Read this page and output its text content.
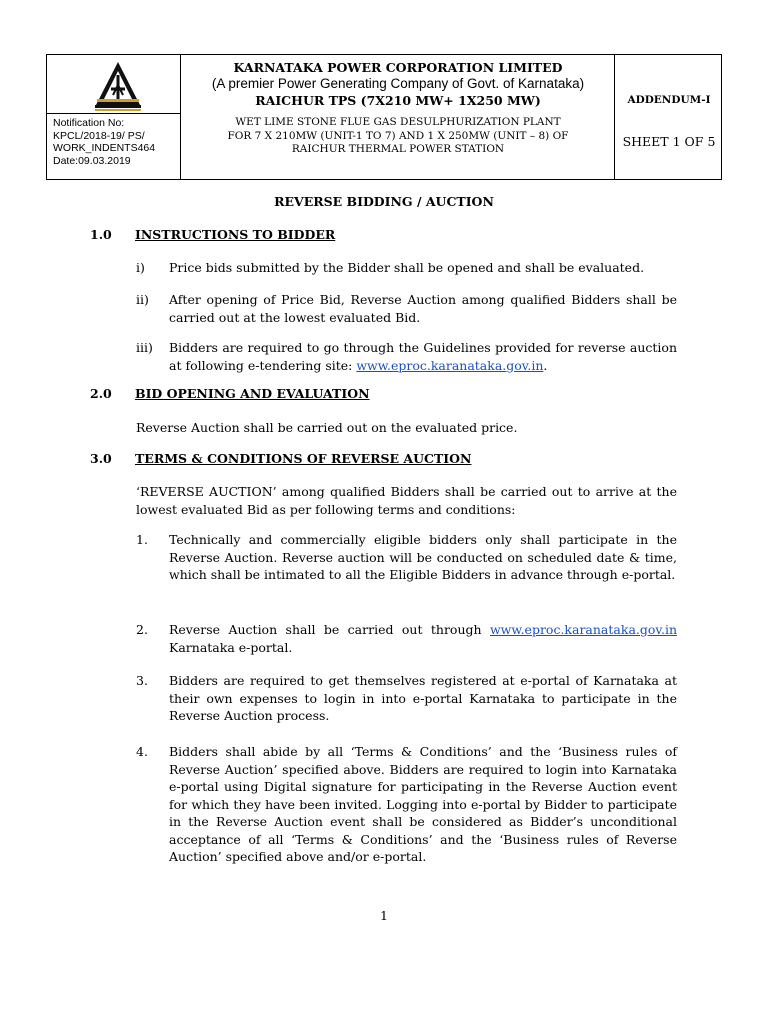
Notification No:
KPCL/2018-19/ PS/
WORK_INDENTS464
Date:09.03.2019
KARNATAKA POWER CORPORATION LIMITED
(A premier Power Generating Company of Govt. of Karnataka)
RAICHUR TPS (7X210 MW+ 1X250 MW)
WET LIME STONE FLUE GAS DESULPHURIZATION PLANT
FOR 7 X 210MW (UNIT-1 TO 7) AND 1 X 250MW (UNIT – 8) OF
RAICHUR THERMAL POWER STATION
ADDENDUM-I
SHEET 1 OF 5
REVERSE BIDDING / AUCTION
1.0 INSTRUCTIONS TO BIDDER
i) Price bids submitted by the Bidder shall be opened and shall be evaluated.
ii) After opening of Price Bid, Reverse Auction among qualified Bidders shall be carried out at the lowest evaluated Bid.
iii) Bidders are required to go through the Guidelines provided for reverse auction at following e-tendering site: www.eproc.karanataka.gov.in.
2.0 BID OPENING AND EVALUATION
Reverse Auction shall be carried out on the evaluated price.
3.0 TERMS & CONDITIONS OF REVERSE AUCTION
‘REVERSE AUCTION’ among qualified Bidders shall be carried out to arrive at the lowest evaluated Bid as per following terms and conditions:
1. Technically and commercially eligible bidders only shall participate in the Reverse Auction. Reverse auction will be conducted on scheduled date & time, which shall be intimated to all the Eligible Bidders in advance through e-portal.
2. Reverse Auction shall be carried out through www.eproc.karanataka.gov.in Karnataka e-portal.
3. Bidders are required to get themselves registered at e-portal of Karnataka at their own expenses to login in into e-portal Karnataka to participate in the Reverse Auction process.
4. Bidders shall abide by all ‘Terms & Conditions’ and the ‘Business rules of Reverse Auction’ specified above. Bidders are required to login into Karnataka e-portal using Digital signature for participating in the Reverse Auction event for which they have been invited. Logging into e-portal by Bidder to participate in the Reverse Auction event shall be considered as Bidder’s unconditional acceptance of all ‘Terms & Conditions’ and the ‘Business rules of Reverse Auction’ specified above and/or e-portal.
1
